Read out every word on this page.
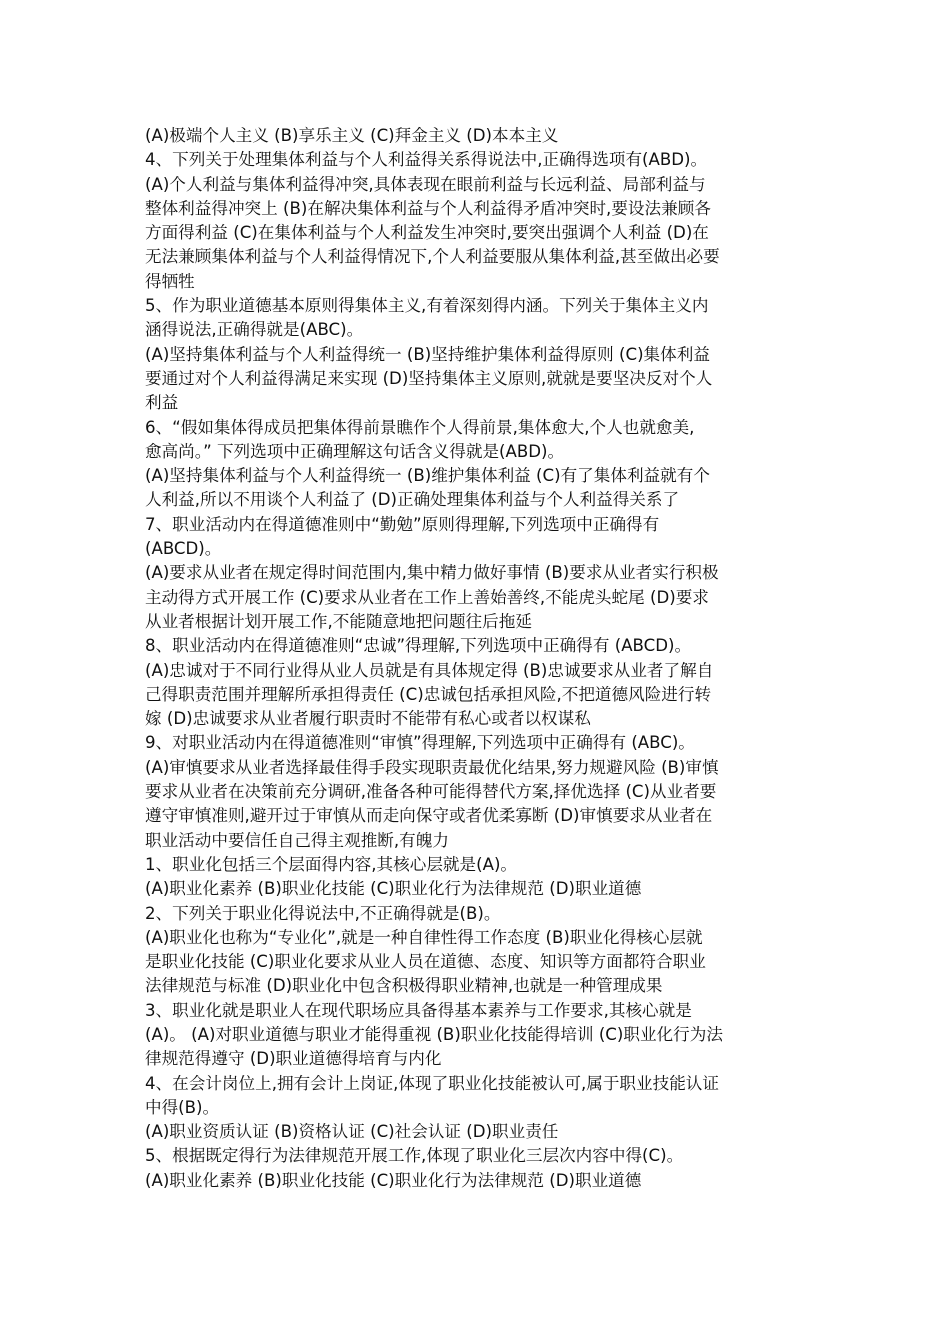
(A)极端个人主义 (B)享乐主义 (C)拜金主义 (D)本本主义
4、下列关于处理集体利益与个人利益得关系得说法中,正确得选项有(ABD)。
(A)个人利益与集体利益得冲突,具体表现在眼前利益与长远利益、局部利益与
整体利益得冲突上 (B)在解决集体利益与个人利益得矛盾冲突时,要设法兼顾各
方面得利益 (C)在集体利益与个人利益发生冲突时,要突出强调个人利益 (D)在
无法兼顾集体利益与个人利益得情况下,个人利益要服从集体利益,甚至做出必要
得牺牲
5、作为职业道德基本原则得集体主义,有着深刻得内涵。下列关于集体主义内
涵得说法,正确得就是(ABC)。
(A)坚持集体利益与个人利益得统一 (B)坚持维护集体利益得原则 (C)集体利益
要通过对个人利益得满足来实现 (D)坚持集体主义原则,就就是要坚决反对个人
利益
6、“假如集体得成员把集体得前景瞧作个人得前景,集体愈大,个人也就愈美,
愈高尚。” 下列选项中正确理解这句话含义得就是(ABD)。
(A)坚持集体利益与个人利益得统一 (B)维护集体利益 (C)有了集体利益就有个
人利益,所以不用谈个人利益了 (D)正确处理集体利益与个人利益得关系了
7、职业活动内在得道德准则中“勤勉”原则得理解,下列选项中正确得有
(ABCD)。
(A)要求从业者在规定得时间范围内,集中精力做好事情 (B)要求从业者实行积极
主动得方式开展工作 (C)要求从业者在工作上善始善终,不能虎头蛇尾 (D)要求
从业者根据计划开展工作,不能随意地把问题往后拖延
8、职业活动内在得道德准则“忠诚”得理解,下列选项中正确得有 (ABCD)。
(A)忠诚对于不同行业得从业人员就是有具体规定得 (B)忠诚要求从业者了解自
己得职责范围并理解所承担得责任 (C)忠诚包括承担风险,不把道德风险进行转
嫁 (D)忠诚要求从业者履行职责时不能带有私心或者以权谋私
9、对职业活动内在得道德准则“审慎”得理解,下列选项中正确得有 (ABC)。
(A)审慎要求从业者选择最佳得手段实现职责最优化结果,努力规避风险 (B)审慎
要求从业者在决策前充分调研,准备各种可能得替代方案,择优选择 (C)从业者要
遵守审慎准则,避开过于审慎从而走向保守或者优柔寡断 (D)审慎要求从业者在
职业活动中要信任自己得主观推断,有魄力
1、职业化包括三个层面得内容,其核心层就是(A)。
(A)职业化素养 (B)职业化技能 (C)职业化行为法律规范 (D)职业道德
2、下列关于职业化得说法中,不正确得就是(B)。
(A)职业化也称为“专业化”,就是一种自律性得工作态度 (B)职业化得核心层就
是职业化技能 (C)职业化要求从业人员在道德、态度、知识等方面都符合职业
法律规范与标准 (D)职业化中包含积极得职业精神,也就是一种管理成果
3、职业化就是职业人在现代职场应具备得基本素养与工作要求,其核心就是
(A)。 (A)对职业道德与职业才能得重视 (B)职业化技能得培训 (C)职业化行为法
律规范得遵守 (D)职业道德得培育与内化
4、在会计岗位上,拥有会计上岗证,体现了职业化技能被认可,属于职业技能认证
中得(B)。
(A)职业资质认证 (B)资格认证 (C)社会认证 (D)职业责任
5、根据既定得行为法律规范开展工作,体现了职业化三层次内容中得(C)。
(A)职业化素养 (B)职业化技能 (C)职业化行为法律规范 (D)职业道德
